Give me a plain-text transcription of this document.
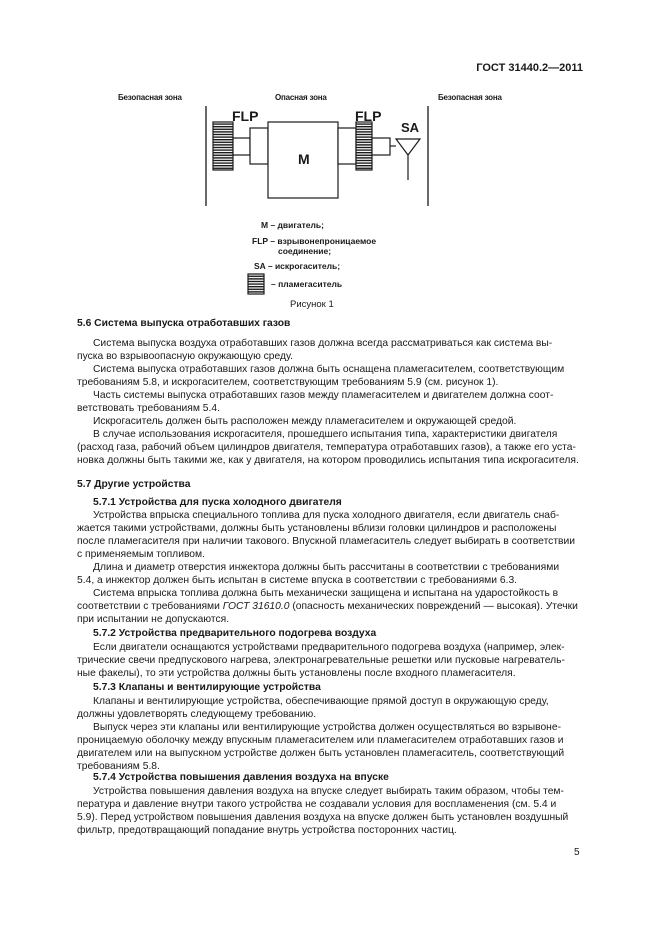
ГОСТ 31440.2—2011
Безопасная зона	Опасная зона	Безопасная зона
FLP	FLP
SA
M
M – двигатель;
FLP – взрывонепроницаемое
соединение;
SA – искрогаситель;
– пламегаситель
Рисунок 1
5.6 Система выпуска отработавших газов
Система выпуска воздуха отработавших газов должна всегда рассматриваться как система вы-
пуска во взрывоопасную окружающую среду.
Система выпуска отработавших газов должна быть оснащена пламегасителем, соответствующим
требованиям 5.8, и искрогасителем, соответствующим требованиям 5.9 (см. рисунок 1).
Часть системы выпуска отработавших газов между пламегасителем и двигателем должна соот-
ветствовать требованиям 5.4.
Искрогаситель должен быть расположен между пламегасителем и окружающей средой.
В случае использования искрогасителя, прошедшего испытания типа, характеристики двигателя
(расход газа, рабочий объем цилиндров двигателя, температура отработавших газов), а также его уста-
новка должны быть такими же, как у двигателя, на котором проводились испытания типа искрогасителя.
5.7 Другие устройства
5.7.1 Устройства для пуска холодного двигателя
Устройства впрыска специального топлива для пуска холодного двигателя, если двигатель снаб-
жается такими устройствами, должны быть установлены вблизи головки цилиндров и расположены
после пламегасителя при наличии такового. Впускной пламегаситель следует выбирать в соответствии
с применяемым топливом.
Длина и диаметр отверстия инжектора должны быть рассчитаны в соответствии с требованиями
5.4, а инжектор должен быть испытан в системе впуска в соответствии с требованиями 6.3.
Система впрыска топлива должна быть механически защищена и испытана на ударостойкость в
соответствии с требованиями ГОСТ 31610.0 (опасность механических повреждений — высокая). Утечки
при испытании не допускаются.
5.7.2 Устройства предварительного подогрева воздуха
Если двигатели оснащаются устройствами предварительного подогрева воздуха (например, элек-
трические свечи предпускового нагрева, электронагревательные решетки или пусковые нагреватель-
ные факелы), то эти устройства должны быть установлены после входного пламегасителя.
5.7.3 Клапаны и вентилирующие устройства
Клапаны и вентилирующие устройства, обеспечивающие прямой доступ в окружающую среду,
должны удовлетворять следующему требованию.
Выпуск через эти клапаны или вентилирующие устройства должен осуществляться во взрывоне-
проницаемую оболочку между впускным пламегасителем или пламегасителем отработавших газов и
двигателем или на выпускном устройстве должен быть установлен пламегаситель, соответствующий
требованиям 5.8.
5.7.4 Устройства повышения давления воздуха на впуске
Устройства повышения давления воздуха на впуске следует выбирать таким образом, чтобы тем-
пература и давление внутри такого устройства не создавали условия для воспламенения (см. 5.4 и
5.9). Перед устройством повышения давления воздуха на впуске должен быть установлен воздушный
фильтр, предотвращающий попадание внутрь устройства посторонних частиц.
5
